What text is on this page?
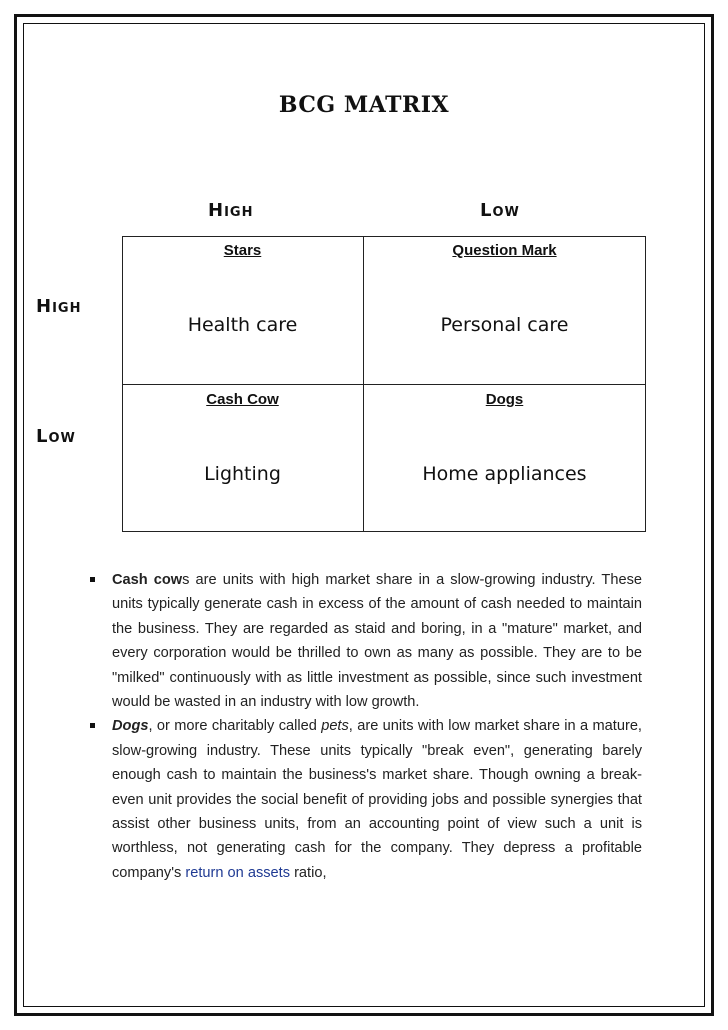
BCG MATRIX
High	Low
High
Low
Stars
Health care
Question Mark
Personal care
Cash Cow
Lighting
Dogs
Home appliances
Cash cows are units with high market share in a slow-growing industry. These units typically generate cash in excess of the amount of cash needed to maintain the business. They are regarded as staid and boring, in a "mature" market, and every corporation would be thrilled to own as many as possible. They are to be "milked" continuously with as little investment as possible, since such investment would be wasted in an industry with low growth.
Dogs, or more charitably called pets, are units with low market share in a mature, slow-growing industry. These units typically "break even", generating barely enough cash to maintain the business's market share. Though owning a break-even unit provides the social benefit of providing jobs and possible synergies that assist other business units, from an accounting point of view such a unit is worthless, not generating cash for the company. They depress a profitable company's return on assets ratio,
